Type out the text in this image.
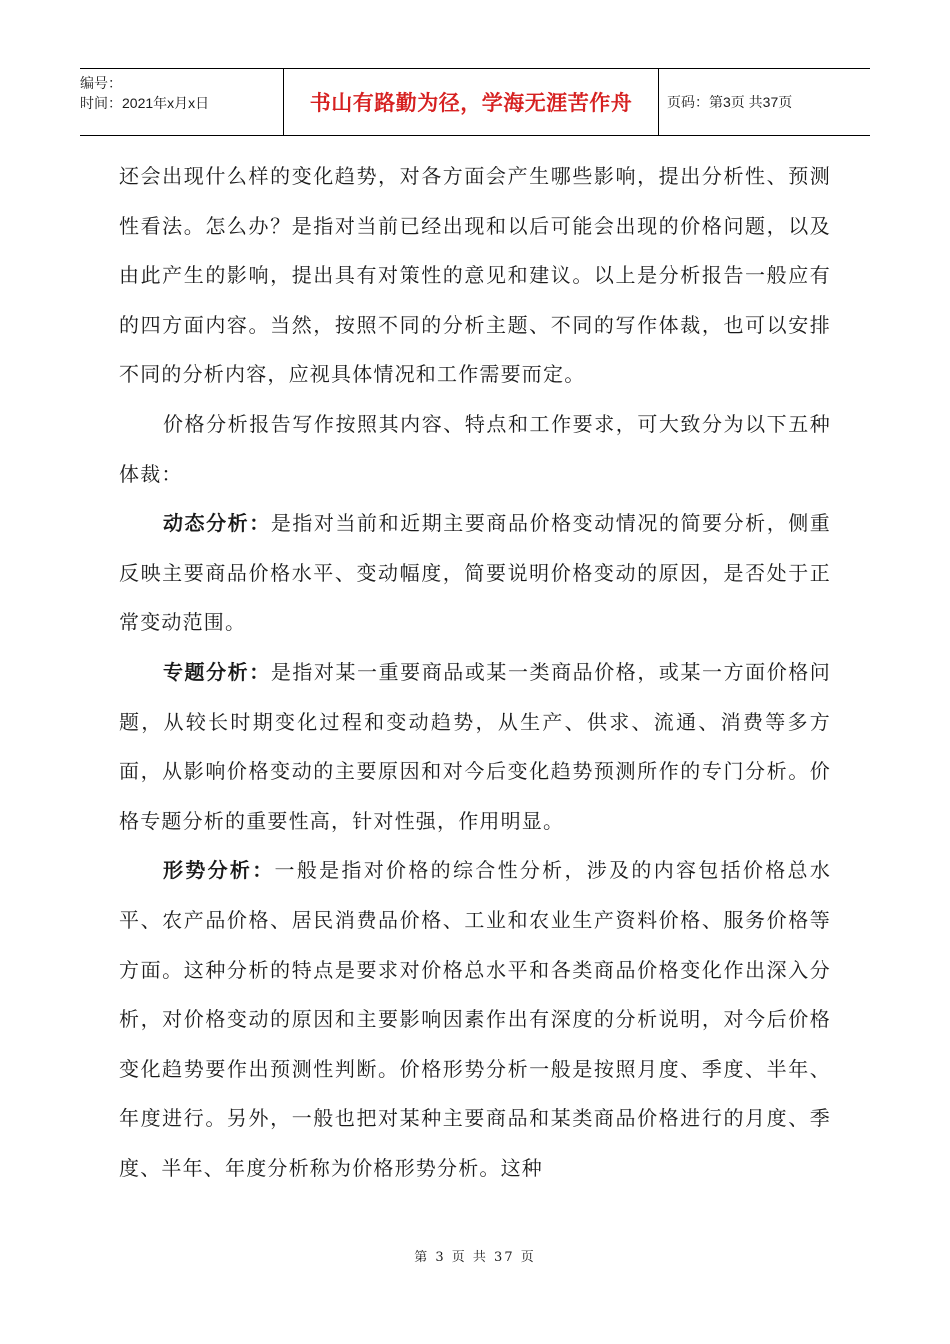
编号：
时间：2021年x月x日	书山有路勤为径，学海无涯苦作舟	页码：第3页 共37页

还会出现什么样的变化趋势，对各方面会产生哪些影响，提出分析性、预测性看法。怎么办？是指对当前已经出现和以后可能会出现的价格问题，以及由此产生的影响，提出具有对策性的意见和建议。以上是分析报告一般应有的四方面内容。当然，按照不同的分析主题、不同的写作体裁，也可以安排不同的分析内容，应视具体情况和工作需要而定。

价格分析报告写作按照其内容、特点和工作要求，可大致分为以下五种体裁：

动态分析：是指对当前和近期主要商品价格变动情况的简要分析，侧重反映主要商品价格水平、变动幅度，简要说明价格变动的原因，是否处于正常变动范围。

专题分析：是指对某一重要商品或某一类商品价格，或某一方面价格问题，从较长时期变化过程和变动趋势，从生产、供求、流通、消费等多方面，从影响价格变动的主要原因和对今后变化趋势预测所作的专门分析。价格专题分析的重要性高，针对性强，作用明显。

形势分析：一般是指对价格的综合性分析，涉及的内容包括价格总水平、农产品价格、居民消费品价格、工业和农业生产资料价格、服务价格等方面。这种分析的特点是要求对价格总水平和各类商品价格变化作出深入分析，对价格变动的原因和主要影响因素作出有深度的分析说明，对今后价格变化趋势要作出预测性判断。价格形势分析一般是按照月度、季度、半年、年度进行。另外，一般也把对某种主要商品和某类商品价格进行的月度、季度、半年、年度分析称为价格形势分析。这种

第 3 页 共 37 页
